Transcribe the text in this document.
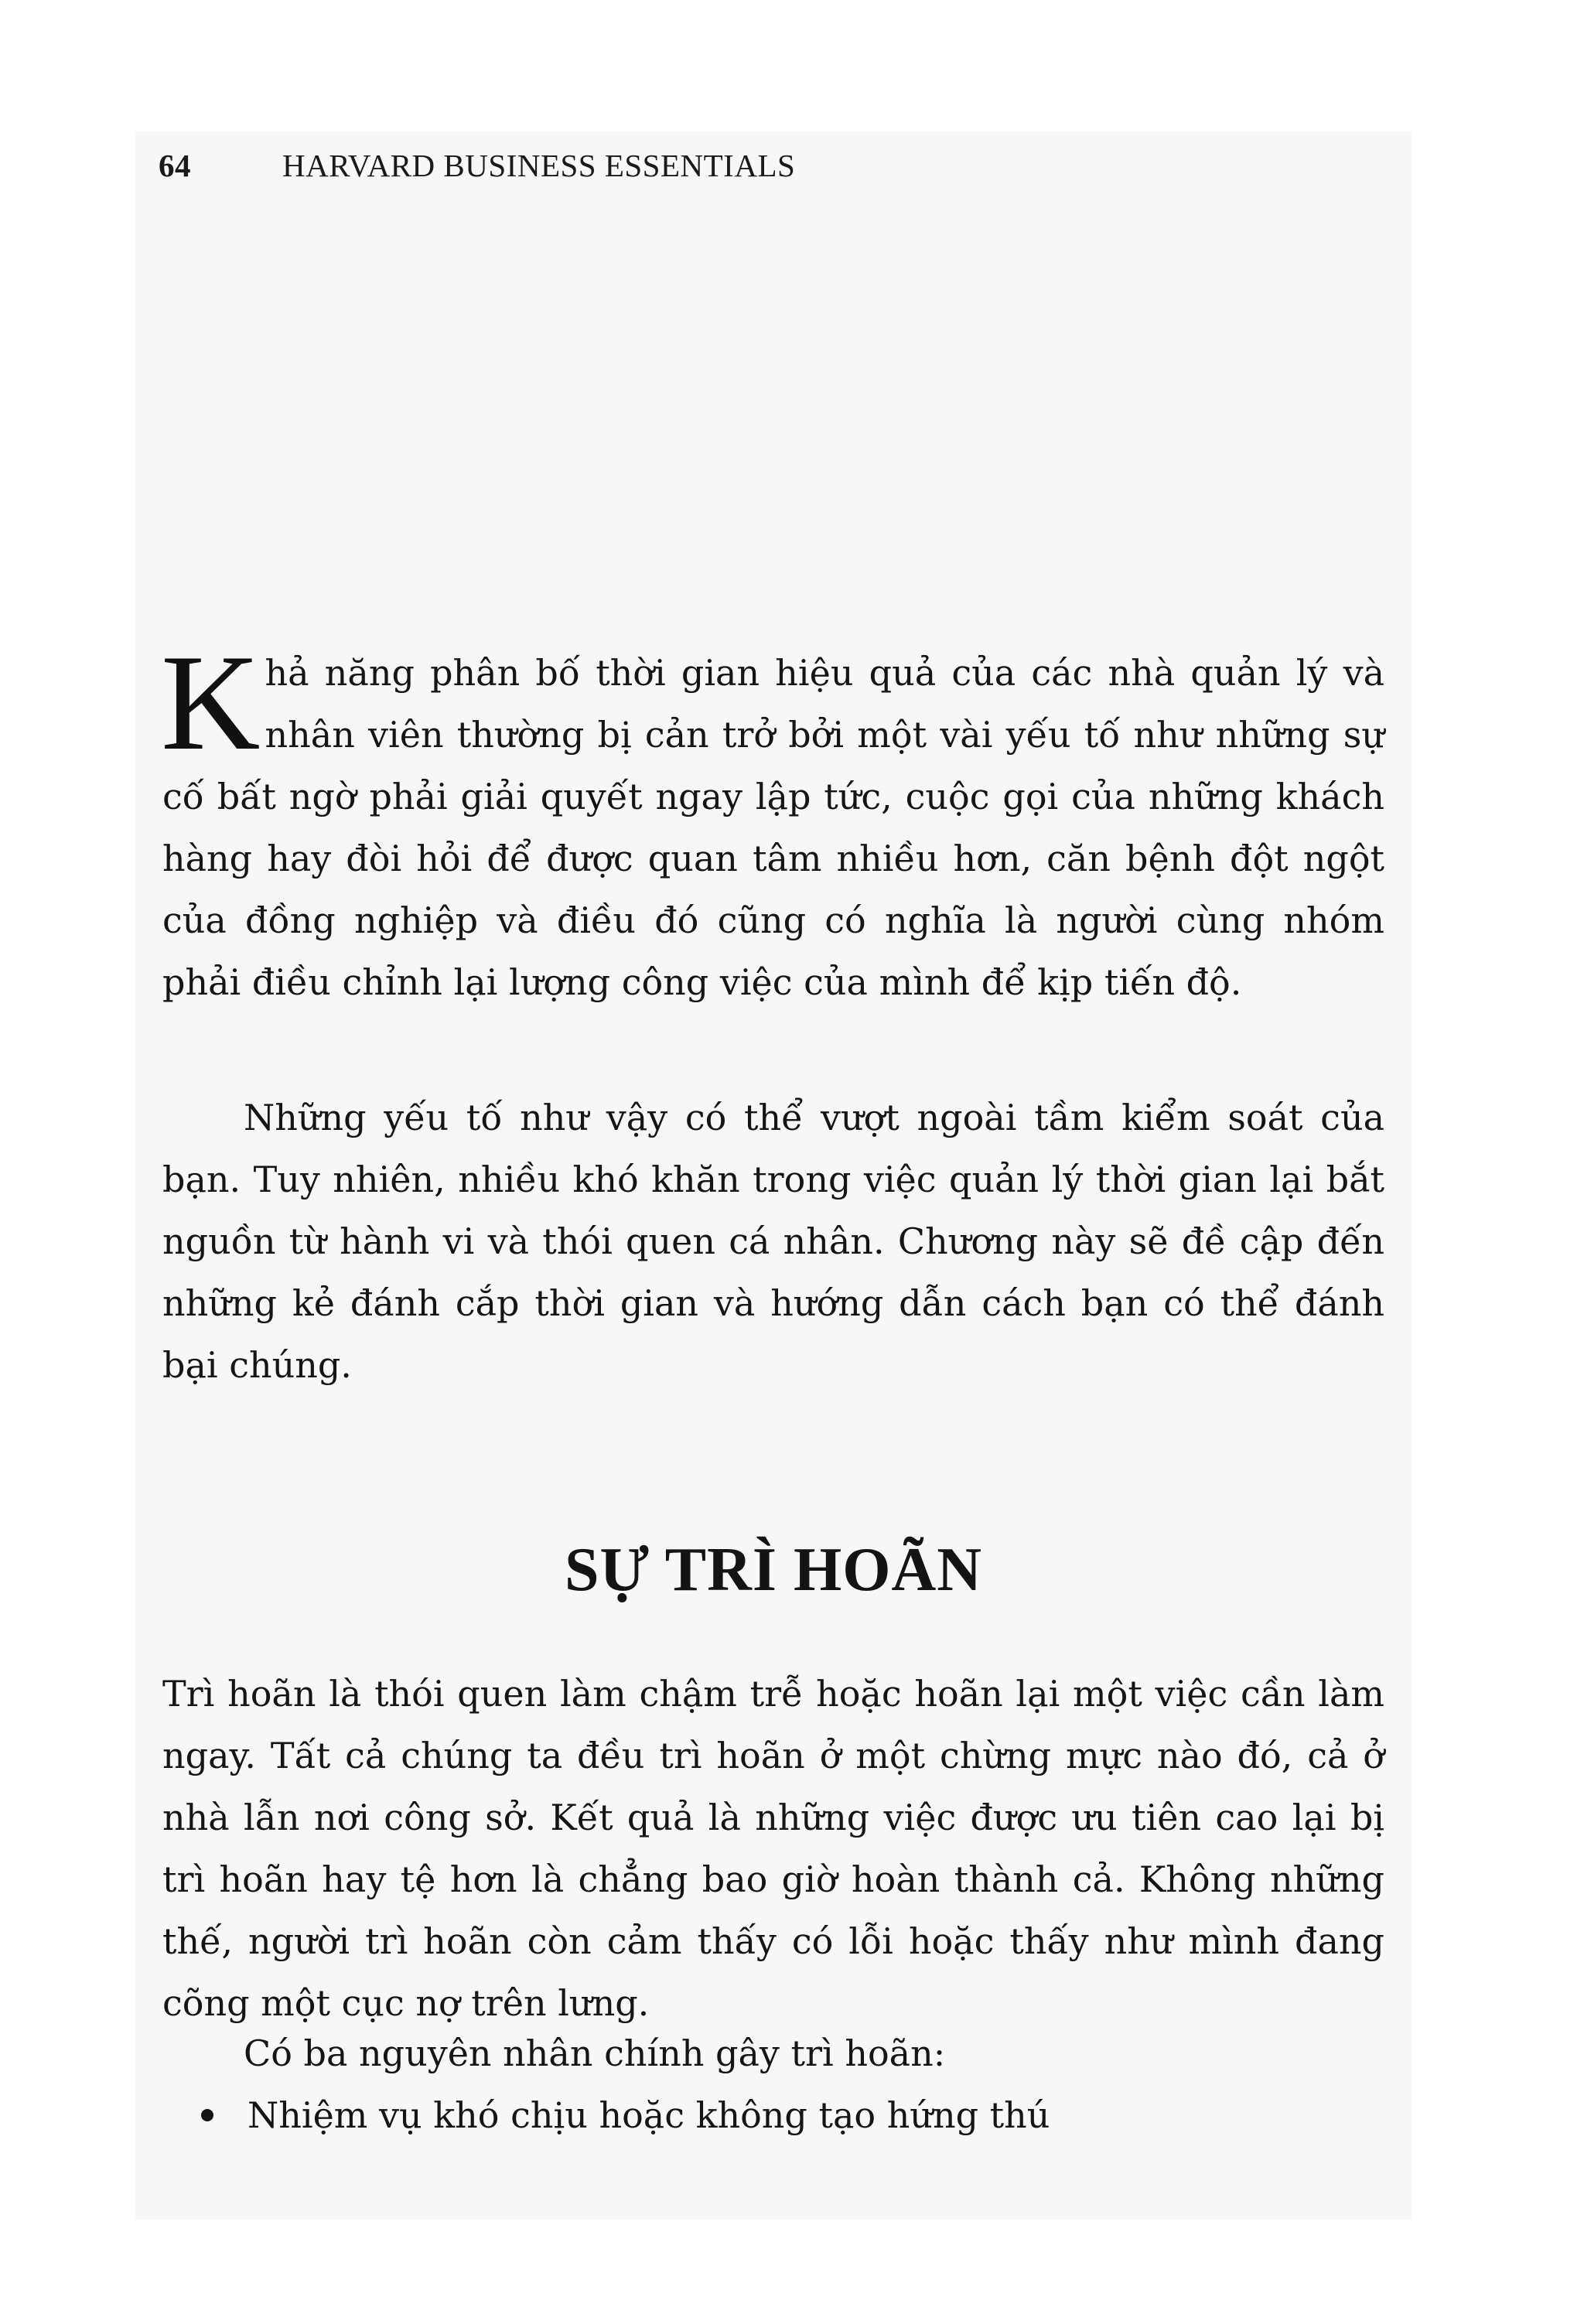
64	HARVARD BUSINESS ESSENTIALS

Khả năng phân bố thời gian hiệu quả của các nhà quản lý và nhân viên thường bị cản trở bởi một vài yếu tố như những sự cố bất ngờ phải giải quyết ngay lập tức, cuộc gọi của những khách hàng hay đòi hỏi để được quan tâm nhiều hơn, căn bệnh đột ngột của đồng nghiệp và điều đó cũng có nghĩa là người cùng nhóm phải điều chỉnh lại lượng công việc của mình để kịp tiến độ.

Những yếu tố như vậy có thể vượt ngoài tầm kiểm soát của bạn. Tuy nhiên, nhiều khó khăn trong việc quản lý thời gian lại bắt nguồn từ hành vi và thói quen cá nhân. Chương này sẽ đề cập đến những kẻ đánh cắp thời gian và hướng dẫn cách bạn có thể đánh bại chúng.

SỰ TRÌ HOÃN

Trì hoãn là thói quen làm chậm trễ hoặc hoãn lại một việc cần làm ngay. Tất cả chúng ta đều trì hoãn ở một chừng mực nào đó, cả ở nhà lẫn nơi công sở. Kết quả là những việc được ưu tiên cao lại bị trì hoãn hay tệ hơn là chẳng bao giờ hoàn thành cả. Không những thế, người trì hoãn còn cảm thấy có lỗi hoặc thấy như mình đang cõng một cục nợ trên lưng.

Có ba nguyên nhân chính gây trì hoãn:

Nhiệm vụ khó chịu hoặc không tạo hứng thú
